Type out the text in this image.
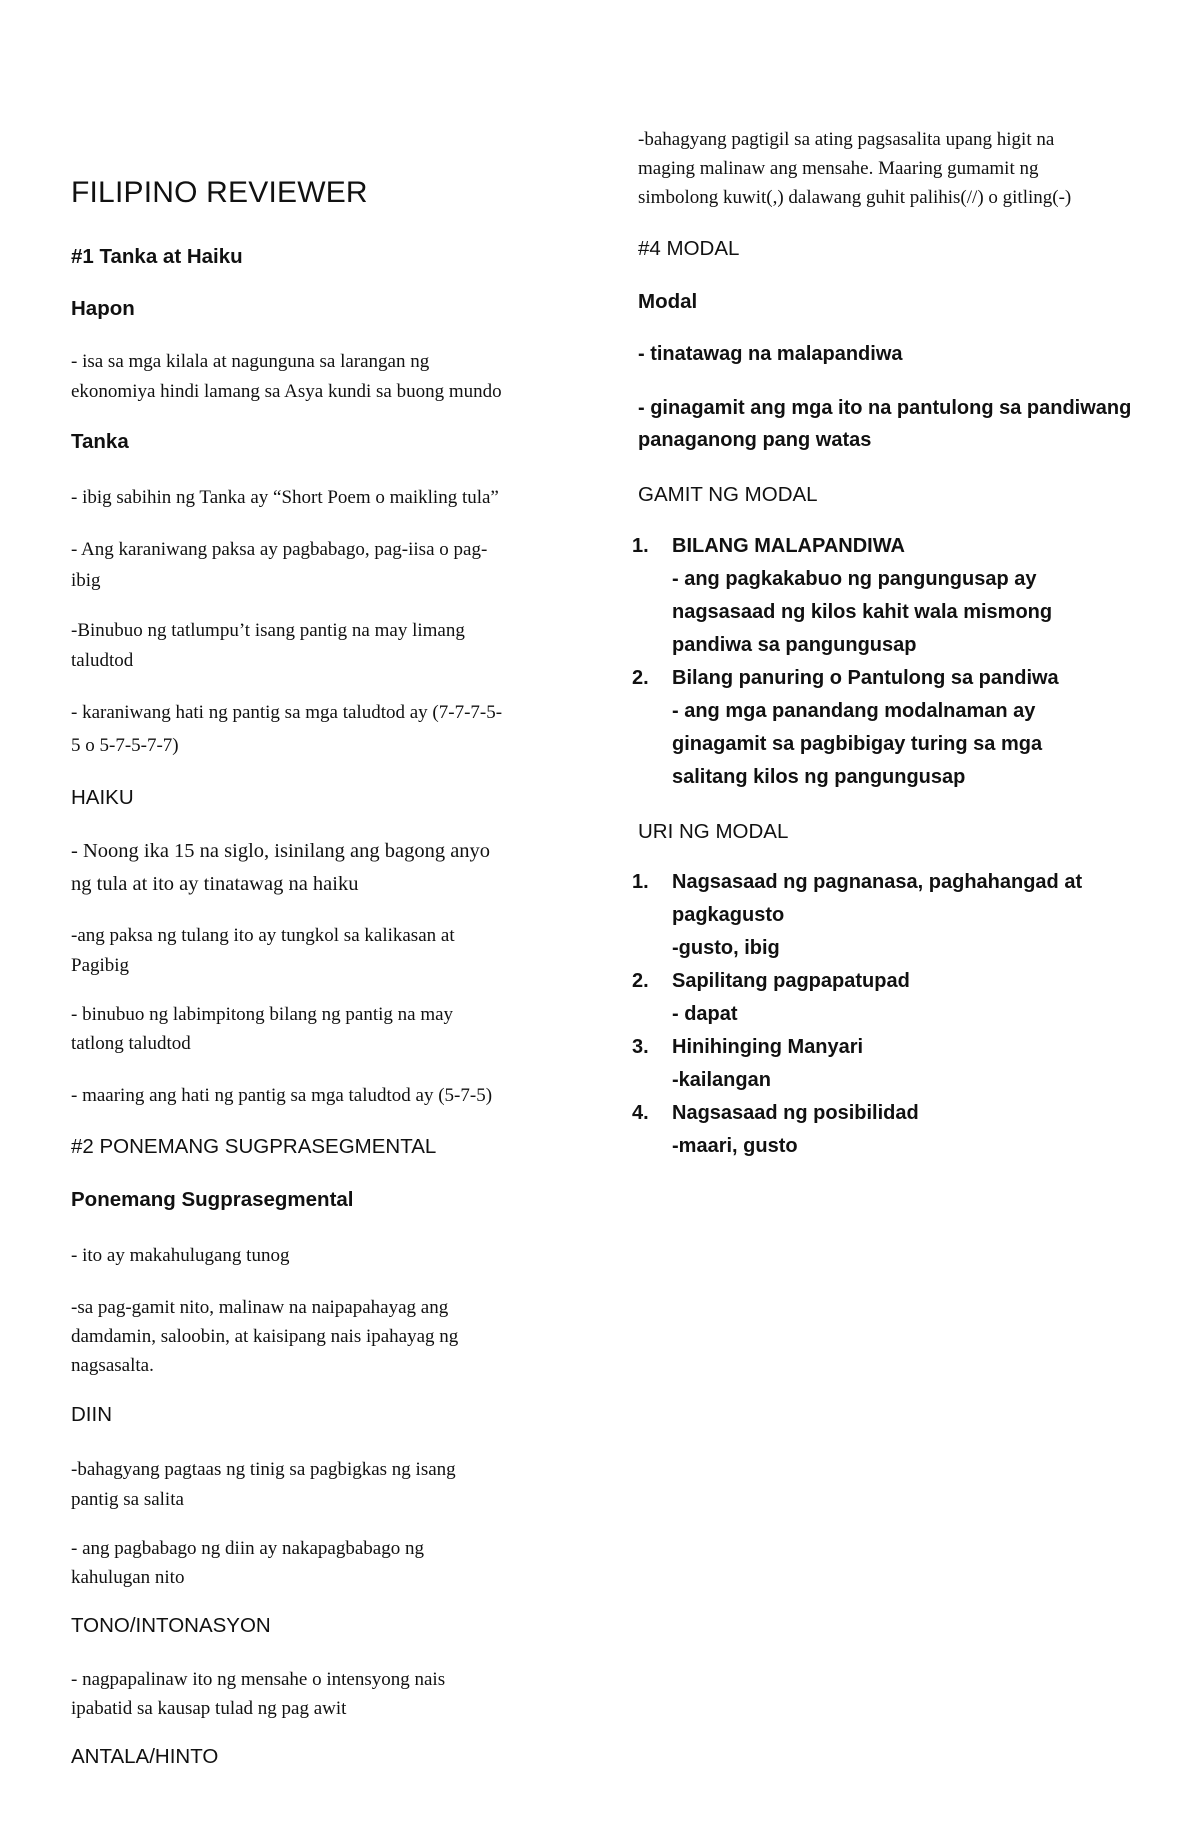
FILIPINO REVIEWER
#1 Tanka at Haiku
Hapon
- isa sa mga kilala at nagunguna sa larangan ng
ekonomiya hindi lamang sa Asya kundi sa buong mundo
Tanka
- ibig sabihin ng Tanka ay “Short Poem o maikling tula”
- Ang karaniwang paksa ay pagbabago, pag-iisa o pag-
ibig
-Binubuo ng tatlumpu’t isang pantig na may limang
taludtod
- karaniwang hati ng pantig sa mga taludtod ay (7-7-7-5-
5 o 5-7-5-7-7)
HAIKU
- Noong ika 15 na siglo, isinilang ang bagong anyo
ng tula at ito ay tinatawag na haiku
-ang paksa ng tulang ito ay tungkol sa kalikasan at
Pagibig
- binubuo ng labimpitong bilang ng pantig na may
tatlong taludtod
- maaring ang hati ng pantig sa mga taludtod ay (5-7-5)
#2 PONEMANG SUGPRASEGMENTAL
Ponemang Sugprasegmental
- ito ay makahulugang tunog
-sa pag-gamit nito, malinaw na naipapahayag ang
damdamin, saloobin, at kaisipang nais ipahayag ng
nagsasalta.
DIIN
-bahagyang pagtaas ng tinig sa pagbigkas ng isang
pantig sa salita
- ang pagbabago ng diin ay nakapagbabago ng
kahulugan nito
TONO/INTONASYON
- nagpapalinaw ito ng mensahe o intensyong nais
ipabatid sa kausap tulad ng pag awit
ANTALA/HINTO
-bahagyang pagtigil sa ating pagsasalita upang higit na
maging malinaw ang mensahe. Maaring gumamit ng
simbolong kuwit(,) dalawang guhit palihis(//) o gitling(-)
#4 MODAL
Modal
- tinatawag na malapandiwa
- ginagamit ang mga ito na pantulong sa pandiwang
panaganong pang watas
GAMIT NG MODAL
1. BILANG MALAPANDIWA
- ang pagkakabuo ng pangungusap ay
nagsasaad ng kilos kahit wala mismong
pandiwa sa pangungusap
2. Bilang panuring o Pantulong sa pandiwa
- ang mga panandang modalnaman ay
ginagamit sa pagbibigay turing sa mga
salitang kilos ng pangungusap
URI NG MODAL
1. Nagsasaad ng pagnanasa, paghahangad at
pagkagusto
-gusto, ibig
2. Sapilitang pagpapatupad
- dapat
3. Hinihinging Manyari
-kailangan
4. Nagsasaad ng posibilidad
-maari, gusto
